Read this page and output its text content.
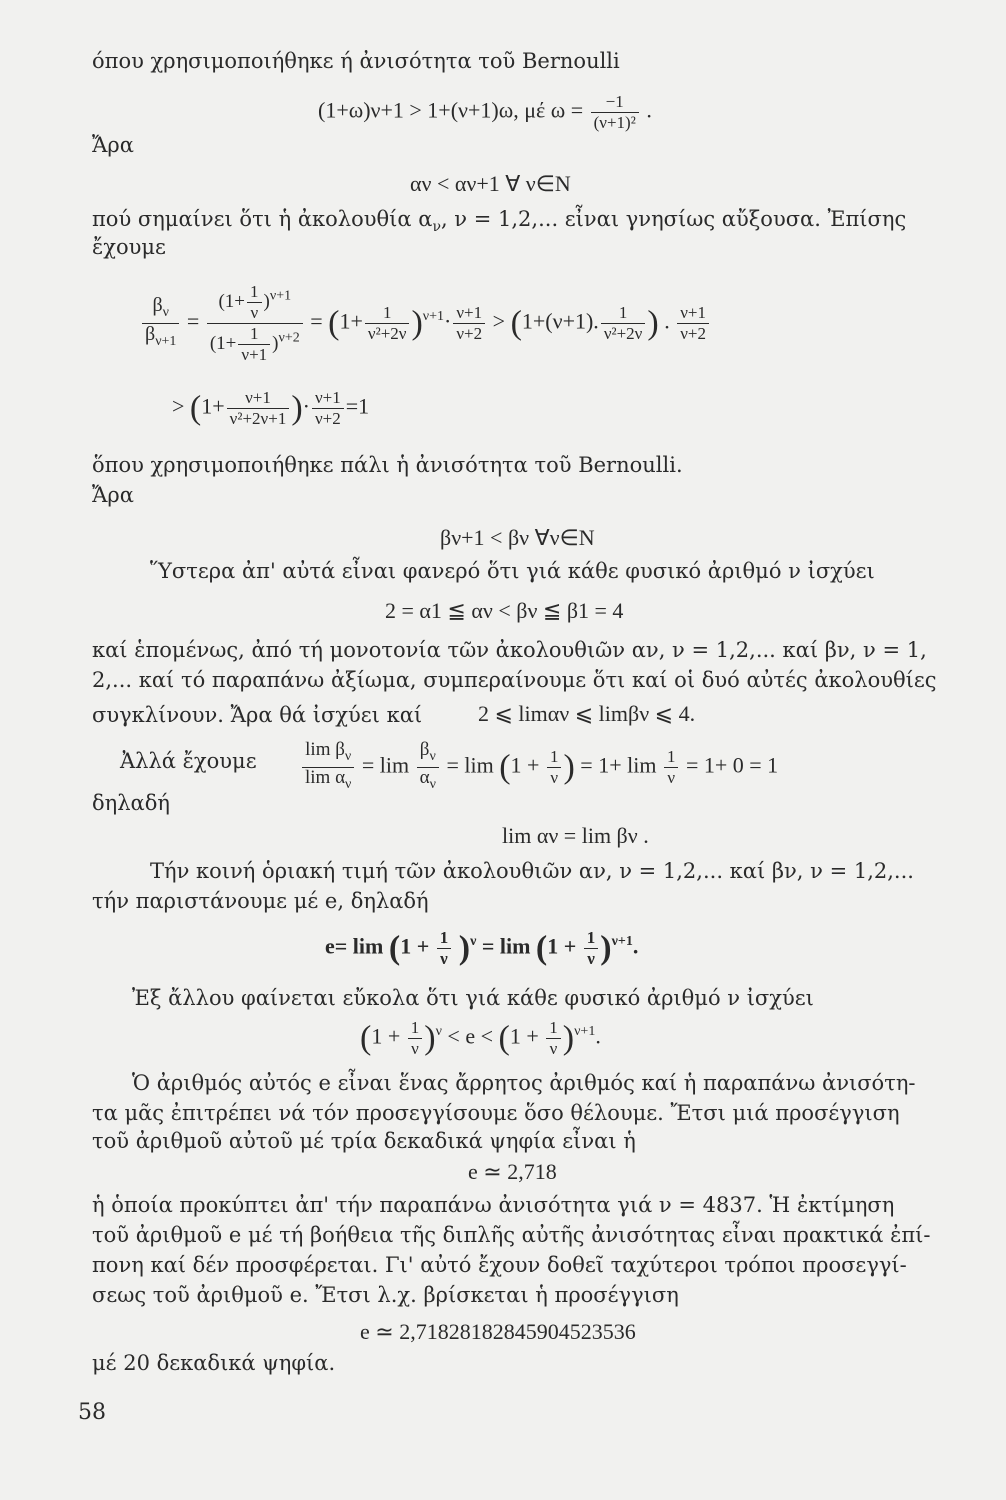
όπου χρησιμοποιήθηκε ή ἀνισότητα τοῦ Bernoulli
(1+ω)ν+1 > 1+(ν+1)ω, μέ $\omega = \frac{-1}{\text{(ν+1)²}}$ .
Ἄρα
αν < αν+1 ∀ ν∈N
πού σημαίνει ὅτι ἡ ἀκολουθία $\alpha_\nu$, ν = 1,2,... εἶναι γνησίως αὔξουσα. Ἐπίσης
ἔχουμε
$\frac{\beta_\nu}{\beta_{\nu+1}} = \frac{(1+ \frac{1}{\nu} )^{\nu+1}}{(1+ \frac{1}{\nu+1} )^{\nu+2}} = (1+ \frac{1}{\text{ν²+2ν}} )^{\nu+1}\cdot \frac{\nu+1}{\nu+2} > (1+(\nu+1)$. $\frac{1}{\text{ν²+2ν}}$ ) . $\frac{\nu+1}{\nu+2}$
> ($1+ \frac{\nu+1}{\text{ν²+2ν+1}}$ )· $\frac{\nu+1}{\nu+2} =1$
ὅπου χρησιμοποιήθηκε πάλι ἡ ἀνισότητα τοῦ Bernoulli.
Ἄρα
βν+1 < βν ∀ν∈N
Ὕστερα ἀπ' αὐτά εἶναι φανερό ὅτι γιά κάθε φυσικό ἀριθμό ν ἰσχύει
2 = α1 ≦ αν < βν ≦ β1 = 4
καί ἑπομένως, ἀπό τή μονοτονία τῶν ἀκολουθιῶν αν, ν = 1,2,... καί βν, ν = 1,
2,... καί τό παραπάνω ἀξίωμα, συμπεραίνουμε ὅτι καί οἱ δυό αὐτές ἀκολουθίες
συγκλίνουν. Ἄρα θά ἰσχύει καί	2 ⩽ limαν ⩽ limβν ⩽ 4.
Ἀλλά ἔχουμε $\frac{\lim \beta_\nu}{\lim \alpha_\nu} = \lim \frac{\beta_\nu}{\alpha_\nu} = \lim (1 + \frac{1}{\nu}$ ) = $1+ \lim \frac{1}{\nu} = 1+ 0 = 1$
δηλαδή
lim αν = lim βν .
Τήν κοινή ὁριακή τιμή τῶν ἀκολουθιῶν αν, ν = 1,2,... καί βν, ν = 1,2,...
τήν παριστάνουμε μέ e, δηλαδή
$e= \lim (1 + \frac{1}{\nu} )^\nu = \lim (1 + \frac{1}{\nu} )^{\nu+1}$.
Ἐξ ἄλλου φαίνεται εὔκολα ὅτι γιά κάθε φυσικό ἀριθμό ν ἰσχύει
$(1 + \frac{1}{\nu} )^\nu < e < (1 + \frac{1}{\nu} )^{\nu+1}$.
Ὁ ἀριθμός αὐτός e εἶναι ἕνας ἄρρητος ἀριθμός καί ἡ παραπάνω ἀνισότη-
τα μᾶς ἐπιτρέπει νά τόν προσεγγίσουμε ὅσο θέλουμε. Ἔτσι μιά προσέγγιση
τοῦ ἀριθμοῦ αὐτοῦ μέ τρία δεκαδικά ψηφία εἶναι ἡ
e ≃ 2,718
ἡ ὁποία προκύπτει ἀπ' τήν παραπάνω ἀνισότητα γιά ν = 4837. Ἡ ἐκτίμηση
τοῦ ἀριθμοῦ e μέ τή βοήθεια τῆς διπλῆς αὐτῆς ἀνισότητας εἶναι πρακτικά ἐπί-
πονη καί δέν προσφέρεται. Γι' αὐτό ἔχουν δοθεῖ ταχύτεροι τρόποι προσεγγί-
σεως τοῦ ἀριθμοῦ e. Ἔτσι λ.χ. βρίσκεται ἡ προσέγγιση
e ≃ 2,71828182845904523536
μέ 20 δεκαδικά ψηφία.
58
